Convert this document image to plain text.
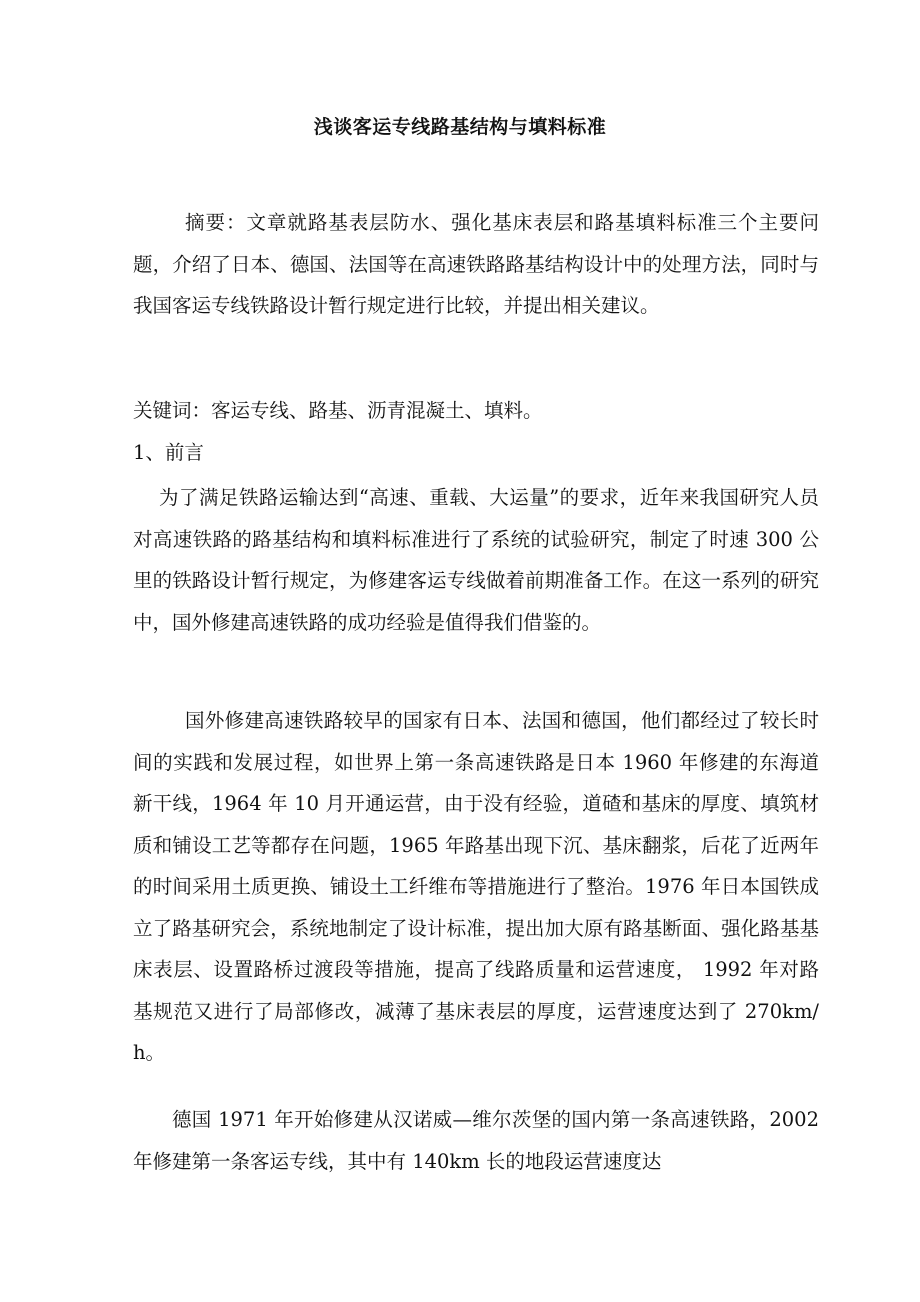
浅谈客运专线路基结构与填料标准

摘要：文章就路基表层防水、强化基床表层和路基填料标准三个主要问题，介绍了日本、德国、法国等在高速铁路路基结构设计中的处理方法，同时与我国客运专线铁路设计暂行规定进行比较，并提出相关建议。

关键词：客运专线、路基、沥青混凝土、填料。

1、前言

为了满足铁路运输达到“高速、重载、大运量”的要求，近年来我国研究人员对高速铁路的路基结构和填料标准进行了系统的试验研究，制定了时速 300 公里的铁路设计暂行规定，为修建客运专线做着前期准备工作。在这一系列的研究中，国外修建高速铁路的成功经验是值得我们借鉴的。

国外修建高速铁路较早的国家有日本、法国和德国，他们都经过了较长时间的实践和发展过程，如世界上第一条高速铁路是日本 1960 年修建的东海道新干线，1964 年 10 月开通运营，由于没有经验，道碴和基床的厚度、填筑材质和铺设工艺等都存在问题，1965 年路基出现下沉、基床翻浆，后花了近两年的时间采用土质更换、铺设土工纤维布等措施进行了整治。1976 年日本国铁成立了路基研究会，系统地制定了设计标准，提出加大原有路基断面、强化路基基床表层、设置路桥过渡段等措施，提高了线路质量和运营速度， 1992 年对路基规范又进行了局部修改，减薄了基床表层的厚度，运营速度达到了 270km/h。

德国 1971 年开始修建从汉诺威—维尔茨堡的国内第一条高速铁路，2002 年修建第一条客运专线，其中有 140km 长的地段运营速度达
